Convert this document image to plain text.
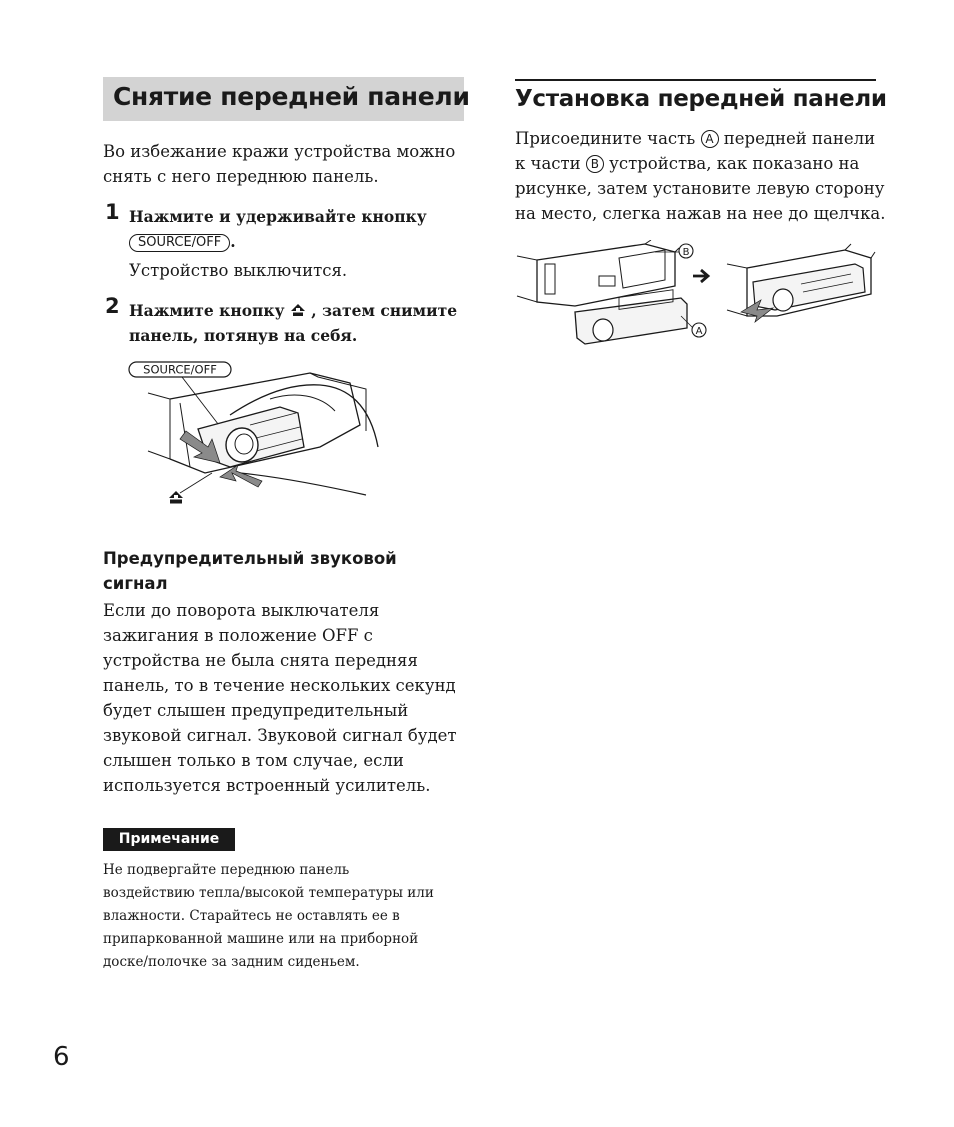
Снятие передней панели
Во избежание кражи устройства можно
снять с него переднюю панель.
1 Нажмите и удерживайте кнопку
SOURCE/OFF .
Устройство выключится.
2 Нажмите кнопку  , затем снимите
панель, потянув на себя.
SOURCE/OFF
Предупредительный звуковой
сигнал
Если до поворота выключателя
зажигания в положение OFF с
устройства не была снята передняя
панель, то в течение нескольких секунд
будет слышен предупредительный
звуковой сигнал. Звуковой сигнал будет
слышен только в том случае, если
используется встроенный усилитель.
Примечание
Не подвергайте переднюю панель
воздействию тепла/высокой температуры или
влажности. Старайтесь не оставлять ее в
припаркованной машине или на приборной
доске/полочке за задним сиденьем.
6
Установка передней панели
Присоедините часть A передней панели
к части B устройства, как показано на
рисунке, затем установите левую сторону
на место, слегка нажав на нее до щелчка.
B
A
